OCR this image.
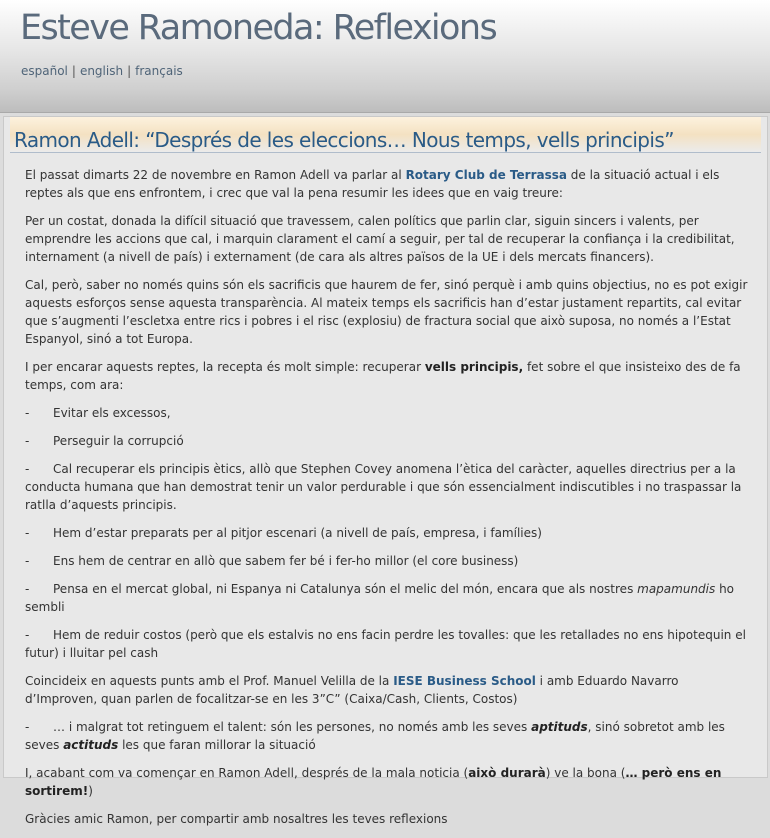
Esteve Ramoneda: Reflexions
español | english | français
Ramon Adell: “Després de les eleccions… Nous temps, vells principis”

El passat dimarts 22 de novembre en Ramon Adell va parlar al Rotary Club de Terrassa de la situació actual i els reptes als que ens enfrontem, i crec que val la pena resumir les idees que en vaig treure:

Per un costat, donada la difícil situació que travessem, calen polítics que parlin clar, siguin sincers i valents, per emprendre les accions que cal, i marquin clarament el camí a seguir, per tal de recuperar la confiança i la credibilitat, internament (a nivell de país) i externament (de cara als altres països de la UE i dels mercats financers).

Cal, però, saber no només quins són els sacrificis que haurem de fer, sinó perquè i amb quins objectius, no es pot exigir aquests esforços sense aquesta transparència. Al mateix temps els sacrificis han d’estar justament repartits, cal evitar que s’augmenti l’escletxa entre rics i pobres i el risc (explosiu) de fractura social que això suposa, no només a l’Estat Espanyol, sinó a tot Europa.

I per encarar aquests reptes, la recepta és molt simple: recuperar vells principis, fet sobre el que insisteixo des de fa temps, com ara:

- Evitar els excessos,

- Perseguir la corrupció

- Cal recuperar els principis ètics, allò que Stephen Covey anomena l’ètica del caràcter, aquelles directrius per a la conducta humana que han demostrat tenir un valor perdurable i que són essencialment indiscutibles i no traspassar la ratlla d’aquests principis.

- Hem d’estar preparats per al pitjor escenari (a nivell de país, empresa, i famílies)

- Ens hem de centrar en allò que sabem fer bé i fer-ho millor (el core business)

- Pensa en el mercat global, ni Espanya ni Catalunya són el melic del món, encara que als nostres mapamundis ho sembli

- Hem de reduir costos (però que els estalvis no ens facin perdre les tovalles: que les retallades no ens hipotequin el futur) i lluitar pel cash

Coincideix en aquests punts amb el Prof. Manuel Velilla de la IESE Business School i amb Eduardo Navarro d’Improven, quan parlen de focalitzar-se en les 3”C” (Caixa/Cash, Clients, Costos)

- … i malgrat tot retinguem el talent: són les persones, no només amb les seves aptituds, sinó sobretot amb les seves actituds les que faran millorar la situació

I, acabant com va començar en Ramon Adell, després de la mala noticia (això durarà) ve la bona (… però ens en sortirem!)

Gràcies amic Ramon, per compartir amb nosaltres les teves reflexions
